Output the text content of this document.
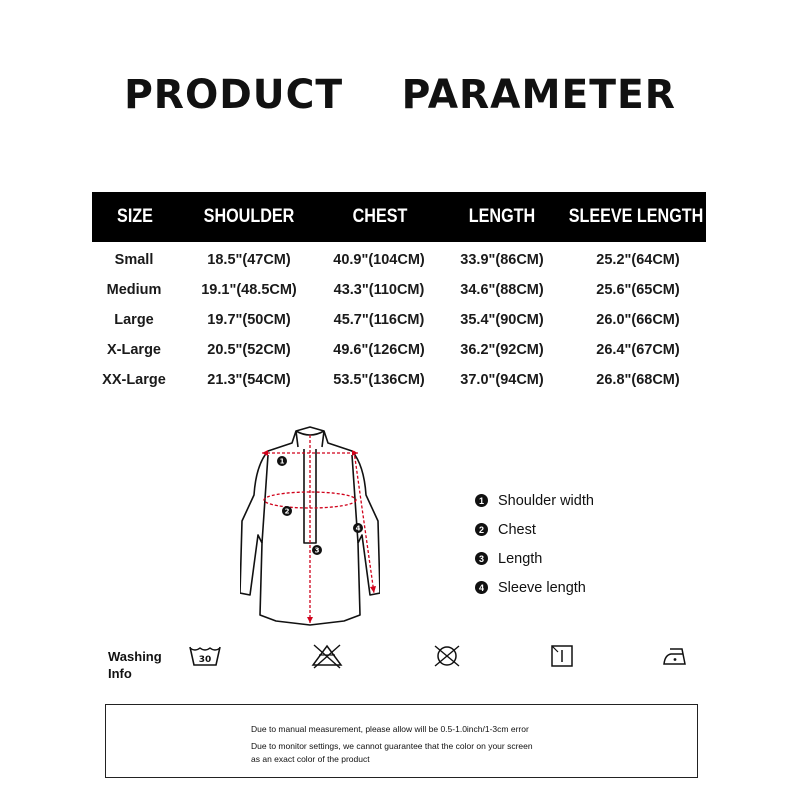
PRODUCT    PARAMETER
SIZE	SHOULDER	CHEST	LENGTH	SLEEVE LENGTH
Small	18.5"(47CM)	40.9"(104CM)	33.9"(86CM)	25.2"(64CM)
Medium	19.1"(48.5CM)	43.3"(110CM)	34.6"(88CM)	25.6"(65CM)
Large	19.7"(50CM)	45.7"(116CM)	35.4"(90CM)	26.0"(66CM)
X-Large	20.5"(52CM)	49.6"(126CM)	36.2"(92CM)	26.4"(67CM)
XX-Large	21.3"(54CM)	53.5"(136CM)	37.0"(94CM)	26.8"(68CM)
1
2
3
4
1 Shoulder width
2 Chest
3 Length
4 Sleeve length
Washing
Info
30
Due to manual measurement, please allow will be 0.5-1.0inch/1-3cm error
Due to monitor settings, we cannot guarantee that the color on your screen
as an exact color of the product
